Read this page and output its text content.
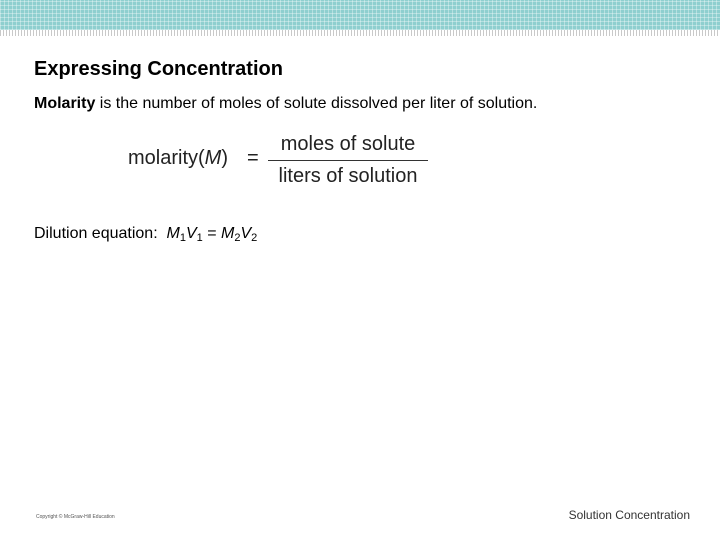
Expressing Concentration

Molarity is the number of moles of solute dissolved per liter of solution.

molarity(M) =
moles of solute
liters of solution

Dilution equation: $M_1V_1 = M_2V_2$

Copyright © McGraw-Hill Education	Solution Concentration
